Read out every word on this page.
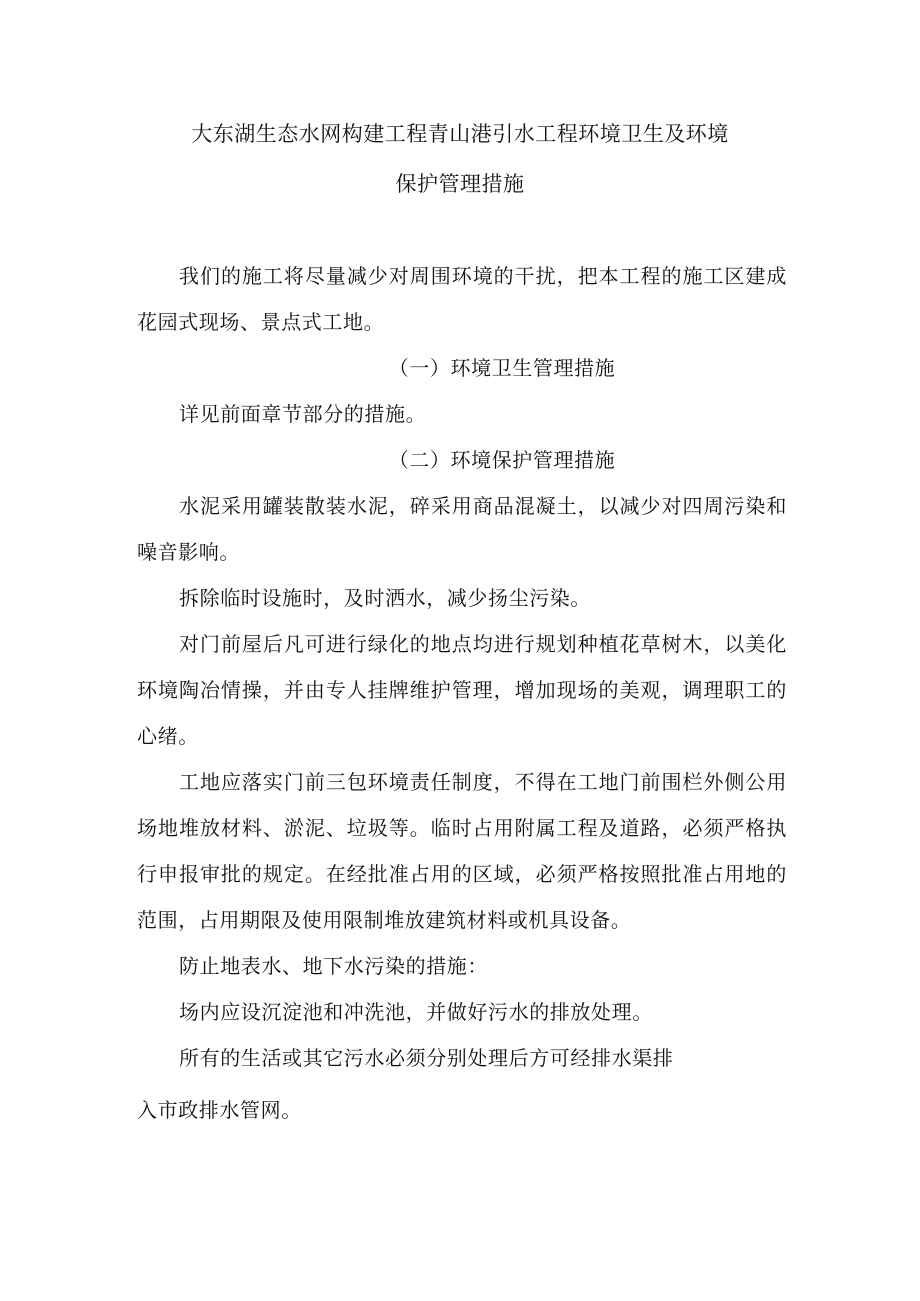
大东湖生态水网构建工程青山港引水工程环境卫生及环境
保护管理措施

我们的施工将尽量减少对周围环境的干扰，把本工程的施工区建成花园式现场、景点式工地。

（一）环境卫生管理措施

详见前面章节部分的措施。

（二）环境保护管理措施

水泥采用罐装散装水泥，碎采用商品混凝土，以减少对四周污染和噪音影响。

拆除临时设施时，及时洒水，减少扬尘污染。

对门前屋后凡可进行绿化的地点均进行规划种植花草树木，以美化环境陶冶情操，并由专人挂牌维护管理，增加现场的美观，调理职工的心绪。

工地应落实门前三包环境责任制度，不得在工地门前围栏外侧公用场地堆放材料、淤泥、垃圾等。临时占用附属工程及道路，必须严格执行申报审批的规定。在经批准占用的区域，必须严格按照批准占用地的范围，占用期限及使用限制堆放建筑材料或机具设备。

防止地表水、地下水污染的措施：

场内应设沉淀池和冲洗池，并做好污水的排放处理。

所有的生活或其它污水必须分别处理后方可经排水渠排

入市政排水管网。
